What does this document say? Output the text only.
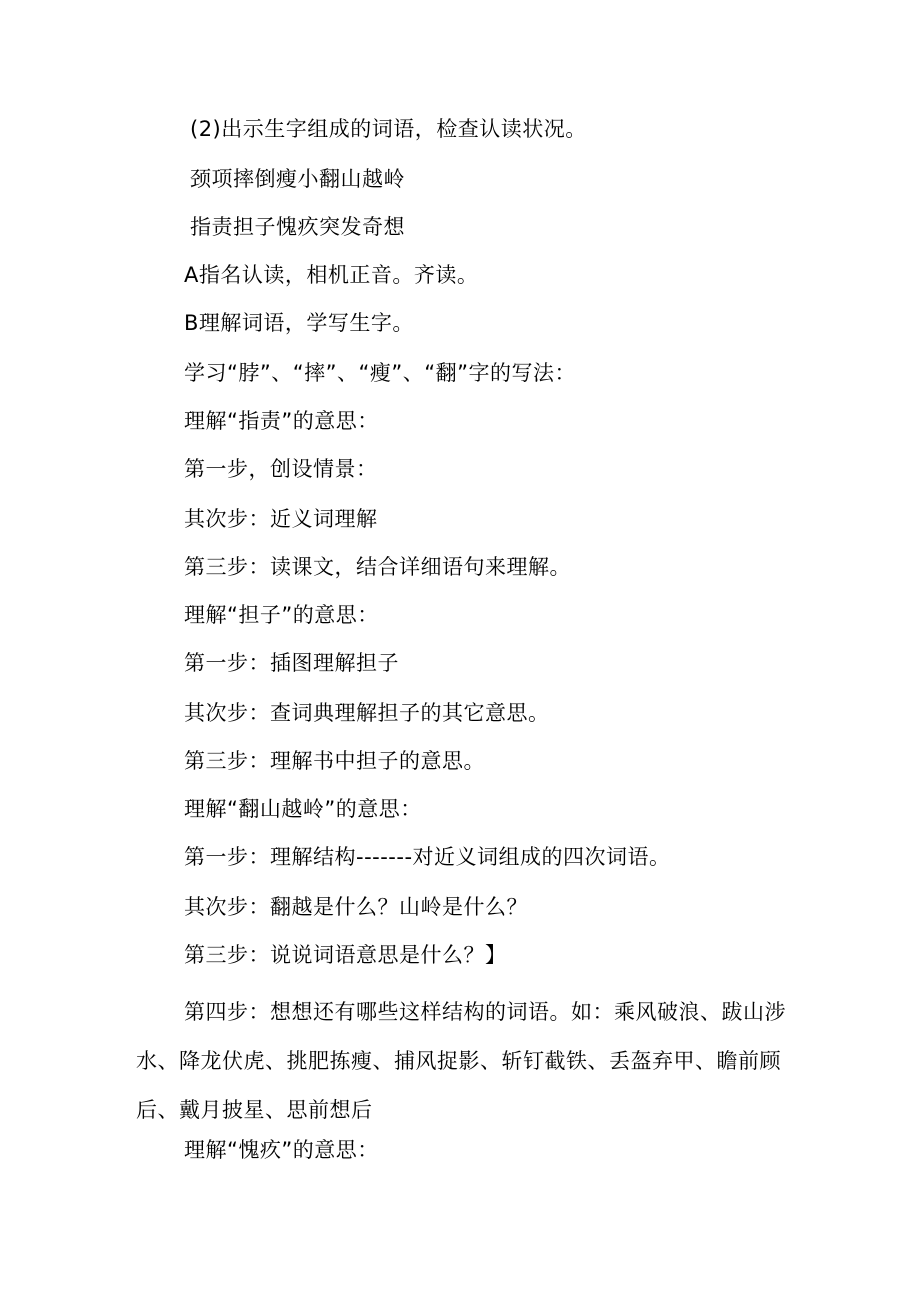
(2)出示生字组成的词语，检查认读状况。
颈项摔倒瘦小翻山越岭
指责担子愧疚突发奇想
A指名认读，相机正音。齐读。
B理解词语，学写生字。
学习“脖”、“摔”、“瘦”、“翻”字的写法：
理解“指责”的意思：
第一步，创设情景：
其次步：近义词理解
第三步：读课文，结合详细语句来理解。
理解“担子”的意思：
第一步：插图理解担子
其次步：查词典理解担子的其它意思。
第三步：理解书中担子的意思。
理解“翻山越岭”的意思：
第一步：理解结构-------对近义词组成的四次词语。
其次步：翻越是什么？山岭是什么？
第三步：说说词语意思是什么？】
第四步：想想还有哪些这样结构的词语。如：乘风破浪、跋山涉水、降龙伏虎、挑肥拣瘦、捕风捉影、斩钉截铁、丢盔弃甲、瞻前顾后、戴月披星、思前想后
理解“愧疚”的意思：
